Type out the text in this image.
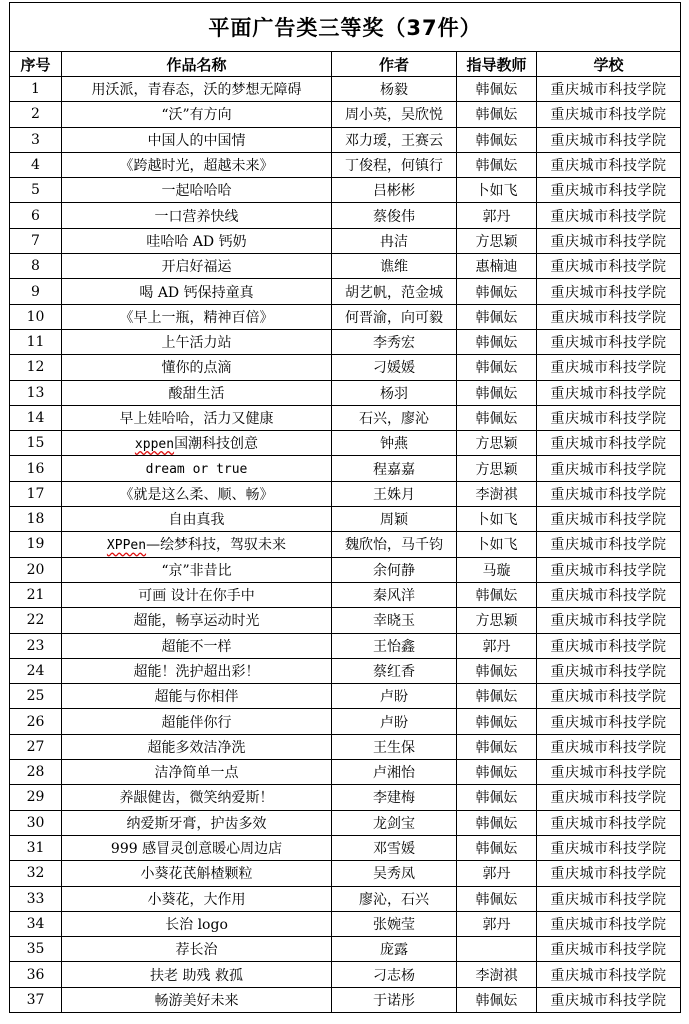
平面广告类三等奖（37件）				
序号	作品名称	作者	指导教师	学校
1	用沃派，青春态，沃的梦想无障碍	杨毅	韩佩妘	重庆城市科技学院
2	“沃”有方向	周小英，吴欣悦	韩佩妘	重庆城市科技学院
3	中国人的中国情	邓力瑷，王赛云	韩佩妘	重庆城市科技学院
4	《跨越时光，超越未来》	丁俊程，何镇行	韩佩妘	重庆城市科技学院
5	一起哈哈哈	吕彬彬	卜如飞	重庆城市科技学院
6	一口营养快线	蔡俊伟	郭丹	重庆城市科技学院
7	哇哈哈 AD 钙奶	冉洁	方思颖	重庆城市科技学院
8	开启好福运	谯维	惠楠迪	重庆城市科技学院
9	喝 AD 钙保持童真	胡艺帆，范金城	韩佩妘	重庆城市科技学院
10	《早上一瓶，精神百倍》	何晋渝，向可毅	韩佩妘	重庆城市科技学院
11	上午活力站	李秀宏	韩佩妘	重庆城市科技学院
12	懂你的点滴	刁媛媛	韩佩妘	重庆城市科技学院
13	酸甜生活	杨羽	韩佩妘	重庆城市科技学院
14	早上娃哈哈，活力又健康	石兴，廖沁	韩佩妘	重庆城市科技学院
15	xppen国潮科技创意	钟燕	方思颖	重庆城市科技学院
16	dream or true	程嘉嘉	方思颖	重庆城市科技学院
17	《就是这么柔、顺、畅》	王姝月	李澍祺	重庆城市科技学院
18	自由真我	周颖	卜如飞	重庆城市科技学院
19	XPPen—绘梦科技，驾驭未来	魏欣怡，马千钧	卜如飞	重庆城市科技学院
20	“京”非昔比	余何静	马璇	重庆城市科技学院
21	可画 设计在你手中	秦风洋	韩佩妘	重庆城市科技学院
22	超能，畅享运动时光	幸晓玉	方思颖	重庆城市科技学院
23	超能不一样	王怡鑫	郭丹	重庆城市科技学院
24	超能！洗护超出彩！	蔡红香	韩佩妘	重庆城市科技学院
25	超能与你相伴	卢盼	韩佩妘	重庆城市科技学院
26	超能伴你行	卢盼	韩佩妘	重庆城市科技学院
27	超能多效洁净洗	王生保	韩佩妘	重庆城市科技学院
28	洁净简单一点	卢湘怡	韩佩妘	重庆城市科技学院
29	养龈健齿，微笑纳爱斯！	李建梅	韩佩妘	重庆城市科技学院
30	纳爱斯牙膏，护齿多效	龙剑宝	韩佩妘	重庆城市科技学院
31	999 感冒灵创意暖心周边店	邓雪媛	韩佩妘	重庆城市科技学院
32	小葵花芪斛楂颗粒	吴秀凤	郭丹	重庆城市科技学院
33	小葵花，大作用	廖沁，石兴	韩佩妘	重庆城市科技学院
34	长治 logo	张婉莹	郭丹	重庆城市科技学院
35	荐长治	庞露		重庆城市科技学院
36	扶老 助残 救孤	刁志杨	李澍祺	重庆城市科技学院
37	畅游美好未来	于诺彤	韩佩妘	重庆城市科技学院
